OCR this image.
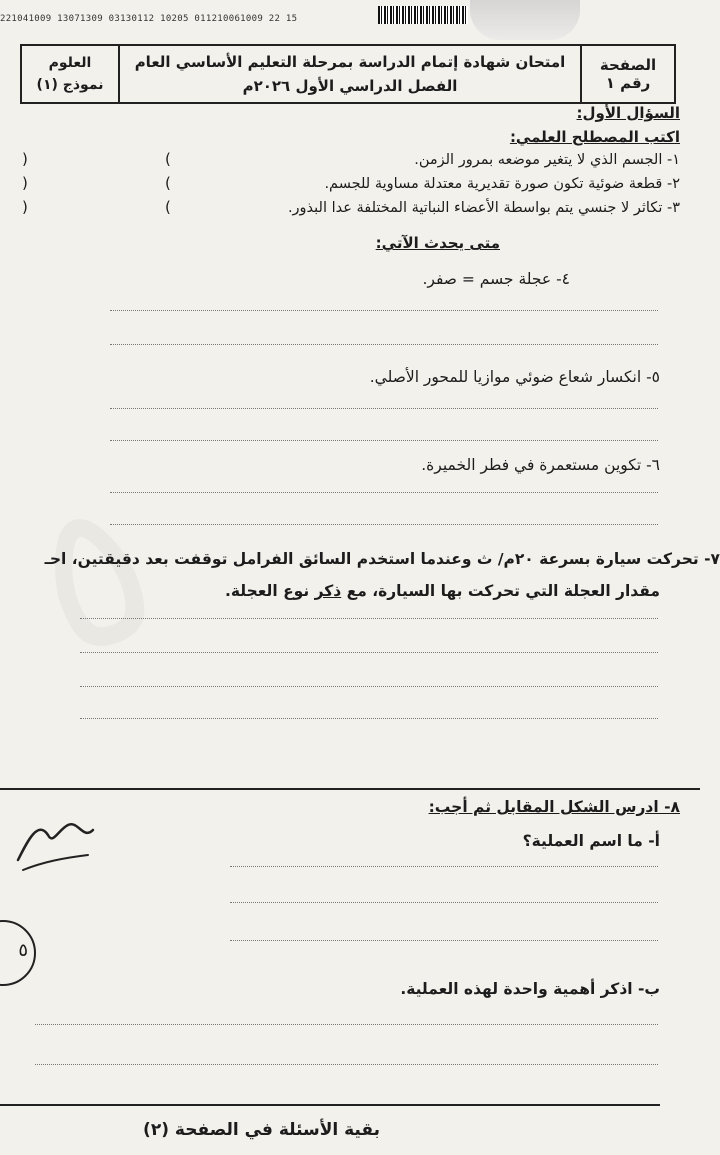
221041009 13071309 03130112 10205 011210061009 22 15
الصفحة
رقم ١
امتحان شهادة إتمام الدراسة بمرحلة التعليم الأساسي العام
الفصل الدراسي الأول ٢٠٢٦م
العلوم
نموذج (١)
السؤال الأول:
اكتب المصطلح العلمي:
١- الجسم الذي لا يتغير موضعه بمرور الزمن.
٢- قطعة ضوئية تكون صورة تقديرية معتدلة مساوية للجسم.
٣- تكاثر لا جنسي يتم بواسطة الأعضاء النباتية المختلفة عدا البذور.
(
)
(
)
(
)
متى يحدث الآتي:
٤- عجلة جسم = صفر.
٥- انكسار شعاع ضوئي موازيا للمحور الأصلي.
٦- تكوين مستعمرة في فطر الخميرة.
٧- تحركت سيارة بسرعة ٢٠م/ ث وعندما استخدم السائق الفرامل توقفت بعد دقيقتين، احـ
مقدار العجلة التي تحركت بها السيارة، مع ذكر نوع العجلة.
٨- ادرس الشكل المقابل ثم أجب:
أ- ما اسم العملية؟
ب- اذكر أهمية واحدة لهذه العملية.
بقية الأسئلة في الصفحة (٢)
٥
